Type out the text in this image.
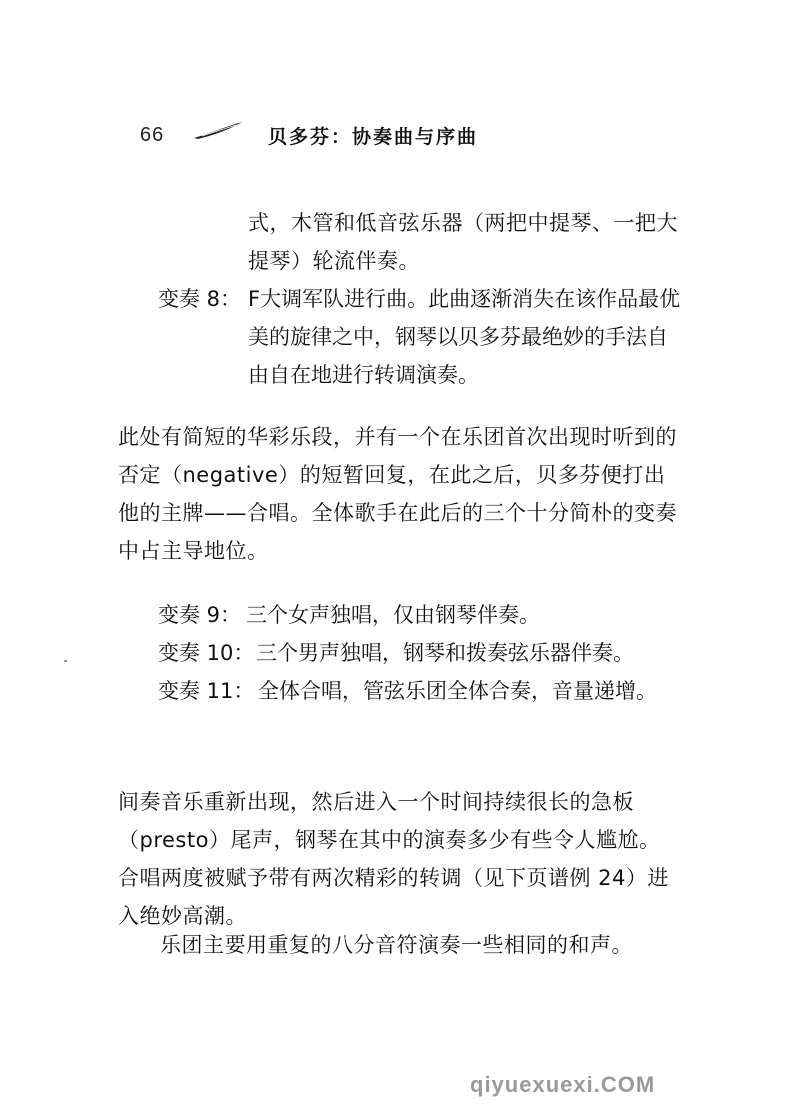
66	贝多芬：协奏曲与序曲
式，木管和低音弦乐器（两把中提琴、一把大提琴）轮流伴奏。
变奏 8： F大调军队进行曲。此曲逐渐消失在该作品最优美的旋律之中，钢琴以贝多芬最绝妙的手法自由自在地进行转调演奏。
此处有简短的华彩乐段，并有一个在乐团首次出现时听到的否定（negative）的短暂回复，在此之后，贝多芬便打出他的主牌——合唱。全体歌手在此后的三个十分简朴的变奏中占主导地位。
变奏 9： 三个女声独唱，仅由钢琴伴奏。
变奏 10： 三个男声独唱，钢琴和拨奏弦乐器伴奏。
变奏 11： 全体合唱，管弦乐团全体合奏，音量递增。
间奏音乐重新出现，然后进入一个时间持续很长的急板（presto）尾声，钢琴在其中的演奏多少有些令人尴尬。合唱两度被赋予带有两次精彩的转调（见下页谱例 24）进入绝妙高潮。
乐团主要用重复的八分音符演奏一些相同的和声。
qiyuexuexi.COM
